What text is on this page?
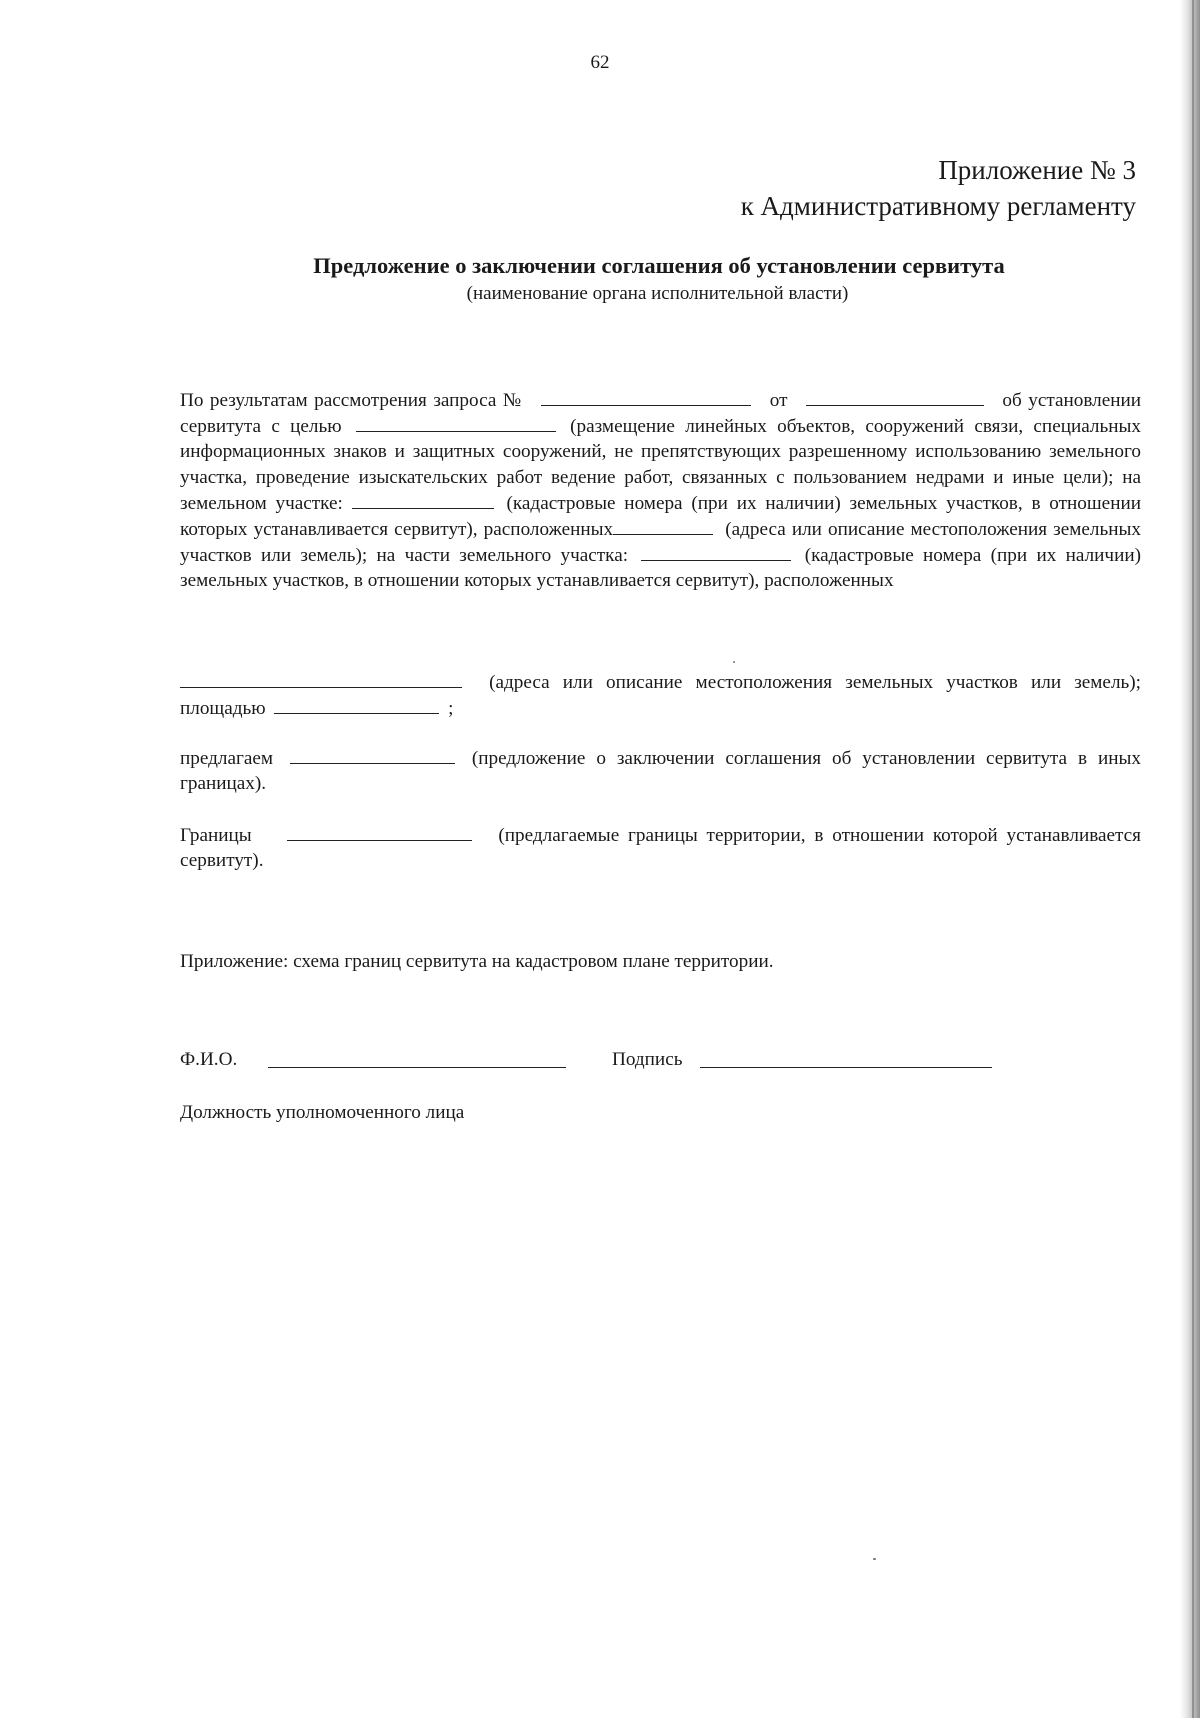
62
Приложение № 3
к Административному регламенту
Предложение о заключении соглашения об установлении сервитута
(наименование органа исполнительной власти)
По результатам рассмотрения запроса №	от	об установлении сервитута с целью	(размещение линейных объектов, сооружений связи, специальных информационных знаков и защитных сооружений, не препятствующих разрешенному использованию земельного участка, проведение изыскательских работ ведение работ, связанных с пользованием недрами и иные цели); на земельном участке:	(кадастровые номера (при их наличии) земельных участков, в отношении которых устанавливается сервитут), расположенных	(адреса или описание местоположения земельных участков или земель); на части земельного участка:	(кадастровые номера (при их наличии) земельных участков, в отношении которых устанавливается сервитут), расположенных
(адреса или описание местоположения земельных участков или земель); площадью	;
предлагаем	(предложение о заключении соглашения об установлении сервитута в иных границах).
Границы	(предлагаемые границы территории, в отношении которой устанавливается сервитут).
Приложение: схема границ сервитута на кадастровом плане территории.
Ф.И.О.	Подпись
Должность уполномоченного лица
